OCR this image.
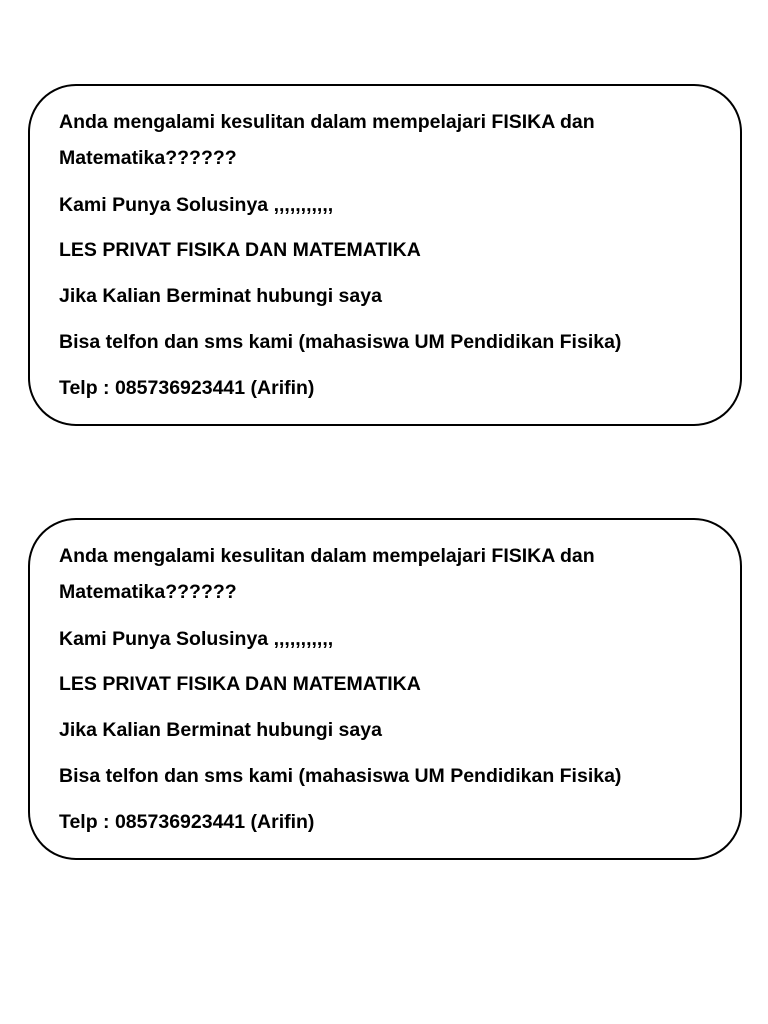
Anda mengalami kesulitan dalam mempelajari FISIKA dan

Matematika??????

Kami Punya Solusinya ,,,,,,,,,,,

LES PRIVAT FISIKA DAN MATEMATIKA

Jika Kalian Berminat hubungi saya

Bisa telfon dan sms kami (mahasiswa UM Pendidikan Fisika)

Telp : 085736923441 (Arifin)

Anda mengalami kesulitan dalam mempelajari FISIKA dan

Matematika??????

Kami Punya Solusinya ,,,,,,,,,,,

LES PRIVAT FISIKA DAN MATEMATIKA

Jika Kalian Berminat hubungi saya

Bisa telfon dan sms kami (mahasiswa UM Pendidikan Fisika)

Telp : 085736923441 (Arifin)
